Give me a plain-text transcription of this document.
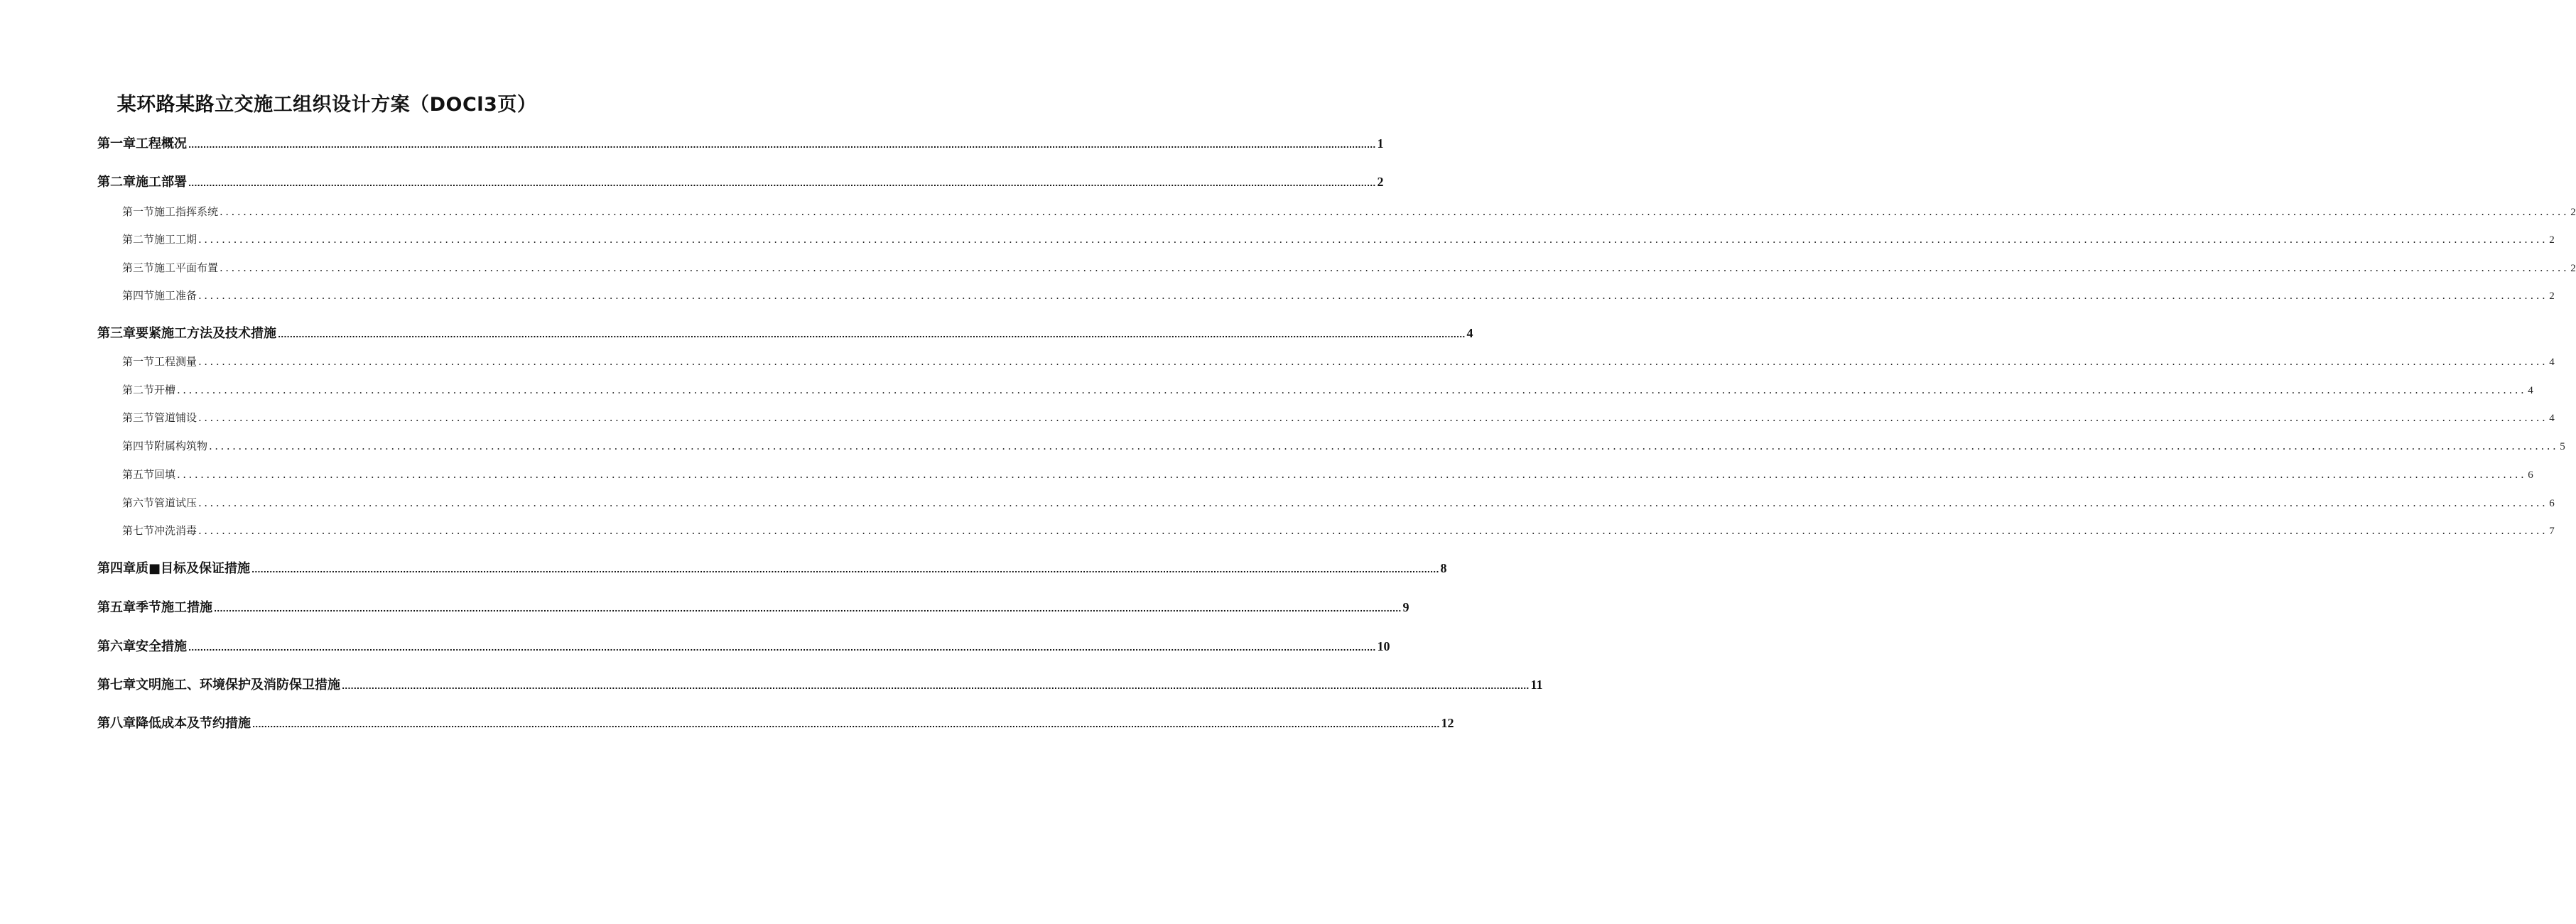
某环路某路立交施工组织设计方案（DOCl3页）
第一章工程概况 ................................................................................................................................................................................................................................................................................................................................................................................................................ 1
第二章施工部署 ................................................................................................................................................................................................................................................................................................................................................................................................................ 2
第一节施工指挥系统 ................................................................................................................................................................................................................................................................................................................................................................................................................ 2
第二节施工工期 ................................................................................................................................................................................................................................................................................................................................................................................................................ 2
第三节施工平面布置 ................................................................................................................................................................................................................................................................................................................................................................................................................ 2
第四节施工准备 ................................................................................................................................................................................................................................................................................................................................................................................................................ 2
第三章要紧施工方法及技术措施 ................................................................................................................................................................................................................................................................................................................................................................................................................ 4
第一节工程测量 ................................................................................................................................................................................................................................................................................................................................................................................................................ 4
第二节开槽 ................................................................................................................................................................................................................................................................................................................................................................................................................ 4
第三节管道铺设 ................................................................................................................................................................................................................................................................................................................................................................................................................ 4
第四节附属构筑物 ................................................................................................................................................................................................................................................................................................................................................................................................................ 5
第五节回填 ................................................................................................................................................................................................................................................................................................................................................................................................................ 6
第六节管道试压 ................................................................................................................................................................................................................................................................................................................................................................................................................ 6
第七节冲洗消毒 ................................................................................................................................................................................................................................................................................................................................................................................................................ 7
第四章质■目标及保证措施 ................................................................................................................................................................................................................................................................................................................................................................................................................ 8
第五章季节施工措施 ................................................................................................................................................................................................................................................................................................................................................................................................................ 9
第六章安全措施 ................................................................................................................................................................................................................................................................................................................................................................................................................ 10
第七章文明施工、环境保护及消防保卫措施 ................................................................................................................................................................................................................................................................................................................................................................................................................ 11
第八章降低成本及节约措施 ................................................................................................................................................................................................................................................................................................................................................................................................................ 12
